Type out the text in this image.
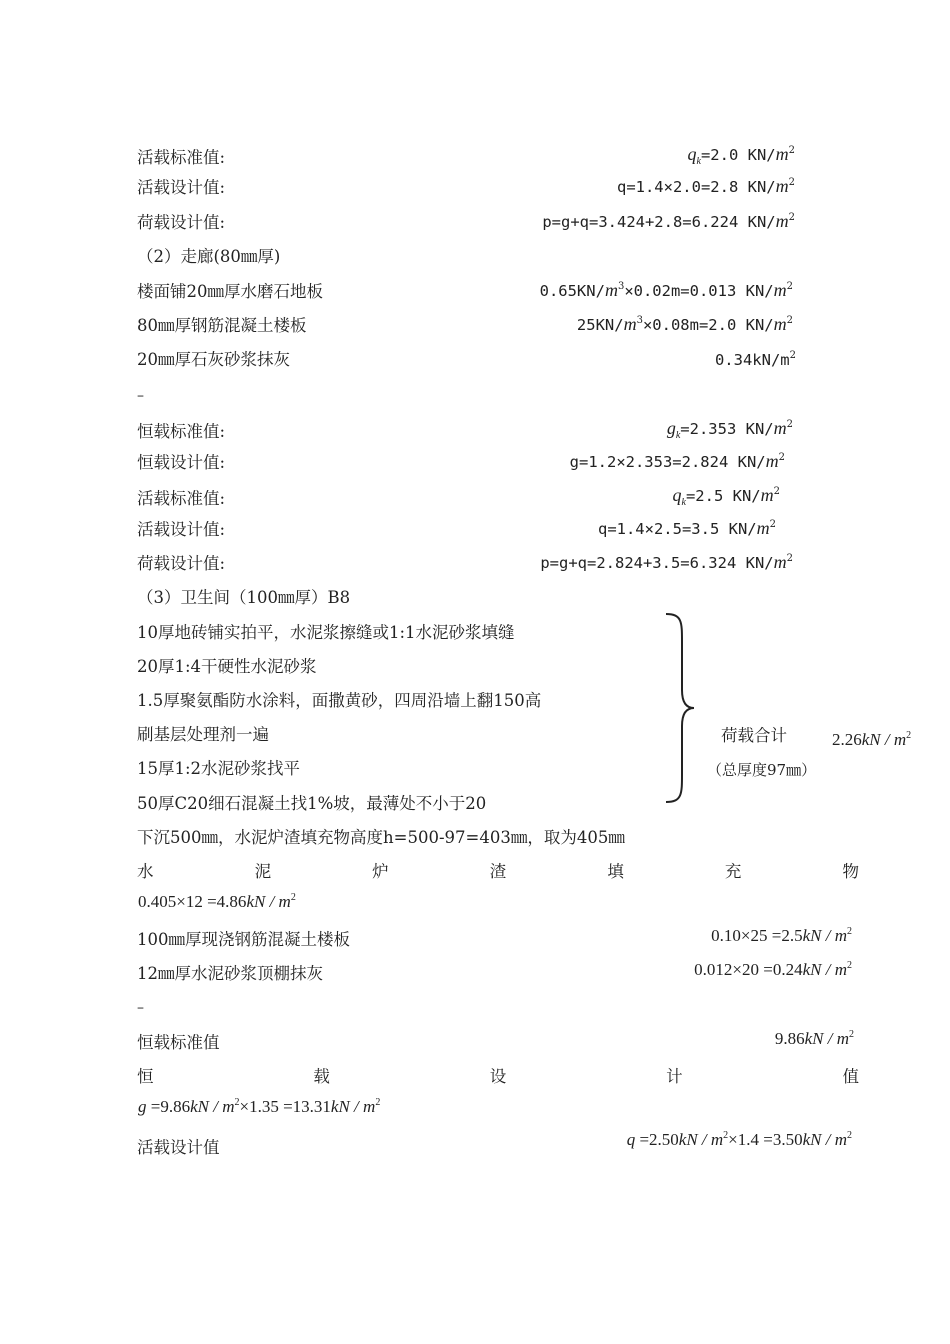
活载标准值:	$q_k=2.0$ $KN/m^2$
活载设计值:	q=1.4×2.0=2.8 $KN/m^2$
荷载设计值:	p=g+q=3.424+2.8=6.224 $KN/m^2$
（2）走廊(80㎜厚)
楼面铺20㎜厚水磨石地板	$0.65KN/m^3\times 0.02m=0.013$ $KN/m^2$
80㎜厚钢筋混凝土楼板	$25KN/m^3\times 0.08m=2.0$ $KN/m^2$
20㎜厚石灰砂浆抹灰	$0.34kN/m^2$
–
恒载标准值:	$g_k=2.353$ $KN/m^2$
恒载设计值:	g=1.2×2.353=2.824 $KN/m^2$
活载标准值:	$q_k=2.5$ $KN/m^2$
活载设计值:	q=1.4×2.5=3.5 $KN/m^2$
荷载设计值:	p=g+q=2.824+3.5=6.324 $KN/m^2$
（3）卫生间（100㎜厚）B8
10厚地砖铺实拍平，水泥浆擦缝或1:1水泥砂浆填缝
20厚1:4干硬性水泥砂浆
1.5厚聚氨酯防水涂料，面撒黄砂，四周沿墙上翻150高
刷基层处理剂一遍
15厚1:2水泥砂浆找平
50厚C20细石混凝土找1%坡，最薄处不小于20
荷载合计	$2.26kN / m^2$
（总厚度97㎜）
下沉500㎜，水泥炉渣填充物高度h=500-97=403㎜，取为405㎜
水	泥	炉	渣	填	充	物
$0.405\times 12 =4.86kN / m^2$
100㎜厚现浇钢筋混凝土楼板	$0.10\times 25 =2.5kN / m^2$
12㎜厚水泥砂浆顶棚抹灰	$0.012\times 20 =0.24kN / m^2$
–
恒载标准值	$9.86kN / m^2$
恒	载	设	计	值
$g =9.86kN / m^2\times 1.35 =13.31kN / m^2$
活载设计值	$q =2.50kN / m^2\times 1.4 =3.50kN / m^2$
